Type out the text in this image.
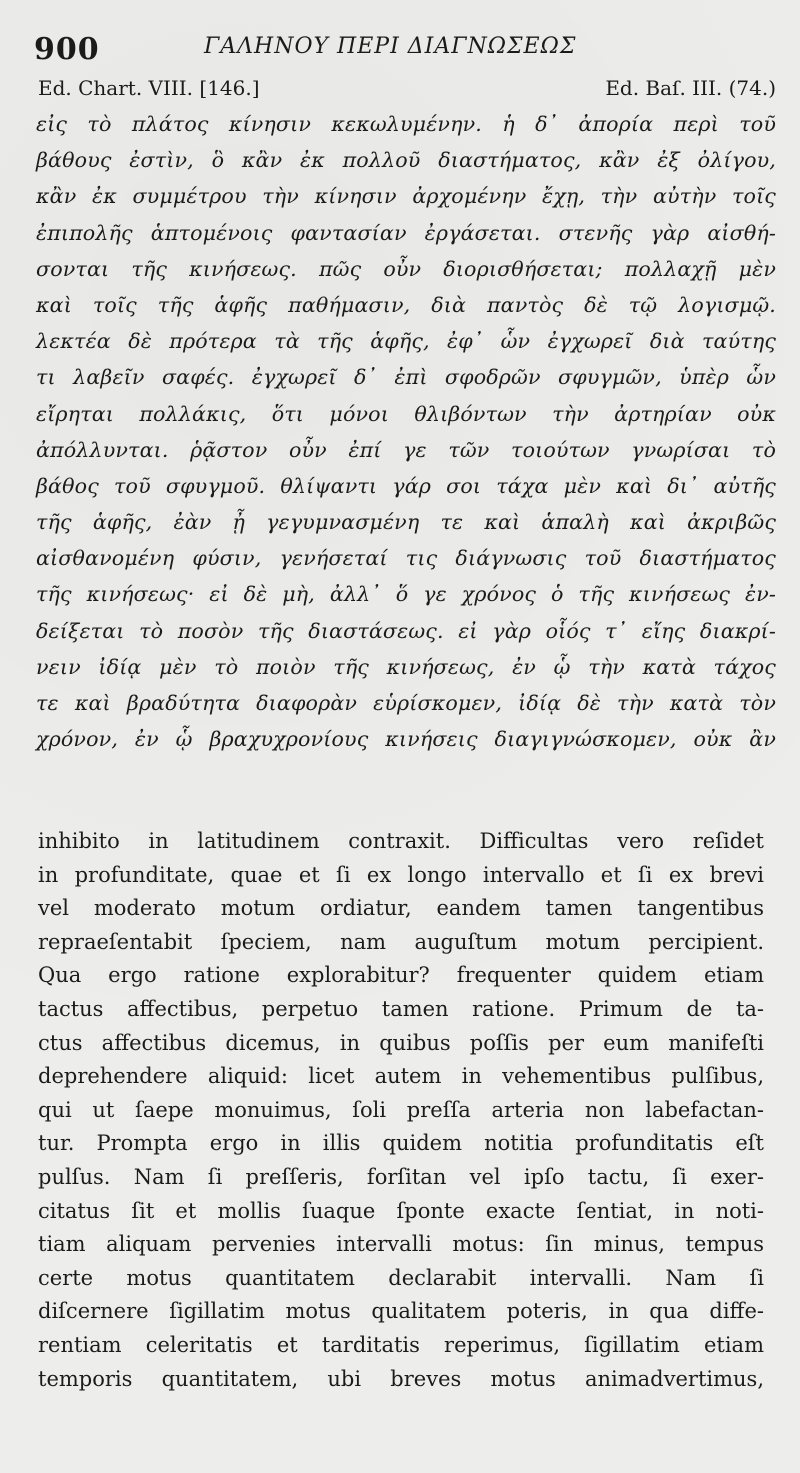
900	ΓΑΛΗΝΟΥ ΠΕΡΙ ΔΙΑΓΝΩΣΕΩΣ
Ed. Chart. VIII. [146.]	Ed. Baſ. III. (74.)
εἰς τὸ πλάτος κίνησιν κεκωλυμένην. ἡ δ᾽ ἀπορία περὶ τοῦ
βάθους ἐστὶν, ὃ κἂν ἐκ πολλοῦ διαστήματος, κἂν ἐξ ὀλίγου,
κἂν ἐκ συμμέτρου τὴν κίνησιν ἀρχομένην ἔχῃ, τὴν αὐτὴν τοῖς
ἐπιπολῆς ἁπτομένοις φαντασίαν ἐργάσεται. στενῆς γὰρ αἰσθή-
σονται τῆς κινήσεως. πῶς οὖν διορισθήσεται; πολλαχῇ μὲν
καὶ τοῖς τῆς ἁφῆς παθήμασιν, διὰ παντὸς δὲ τῷ λογισμῷ.
λεκτέα δὲ πρότερα τὰ τῆς ἁφῆς, ἐφ᾽ ὧν ἐγχωρεῖ διὰ ταύτης
τι λαβεῖν σαφές. ἐγχωρεῖ δ᾽ ἐπὶ σφοδρῶν σφυγμῶν, ὑπὲρ ὧν
εἴρηται πολλάκις, ὅτι μόνοι θλιβόντων τὴν ἀρτηρίαν οὐκ
ἀπόλλυνται. ῥᾷστον οὖν ἐπί γε τῶν τοιούτων γνωρίσαι τὸ
βάθος τοῦ σφυγμοῦ. θλίψαντι γάρ σοι τάχα μὲν καὶ δι᾽ αὐτῆς
τῆς ἁφῆς, ἐὰν ᾖ γεγυμνασμένη τε καὶ ἁπαλὴ καὶ ἀκριβῶς
αἰσθανομένη φύσιν, γενήσεταί τις διάγνωσις τοῦ διαστήματος
τῆς κινήσεως· εἰ δὲ μὴ, ἀλλ᾽ ὅ γε χρόνος ὁ τῆς κινήσεως ἐν-
δείξεται τὸ ποσὸν τῆς διαστάσεως. εἰ γὰρ οἷός τ᾽ εἴης διακρί-
νειν ἰδίᾳ μὲν τὸ ποιὸν τῆς κινήσεως, ἐν ᾧ τὴν κατὰ τάχος
τε καὶ βραδύτητα διαφορὰν εὑρίσκομεν, ἰδίᾳ δὲ τὴν κατὰ τὸν
χρόνον, ἐν ᾧ βραχυχρονίους κινήσεις διαγιγνώσκομεν, οὐκ ἂν
inhibito in latitudinem contraxit. Difficultas vero reſidet
in profunditate, quae et ſi ex longo intervallo et ſi ex brevi
vel moderato motum ordiatur, eandem tamen tangentibus
repraeſentabit ſpeciem, nam auguſtum motum percipient.
Qua ergo ratione explorabitur? frequenter quidem etiam
tactus affectibus, perpetuo tamen ratione. Primum de ta-
ctus affectibus dicemus, in quibus poſſis per eum manifeſti
deprehendere aliquid: licet autem in vehementibus pulſibus,
qui ut ſaepe monuimus, ſoli preſſa arteria non labefactan-
tur. Prompta ergo in illis quidem notitia profunditatis eſt
pulſus. Nam ſi preſſeris, forſitan vel ipſo tactu, ſi exer-
citatus ſit et mollis ſuaque ſponte exacte ſentiat, in noti-
tiam aliquam pervenies intervalli motus: ſin minus, tempus
certe motus quantitatem declarabit intervalli. Nam ſi
diſcernere ſigillatim motus qualitatem poteris, in qua diffe-
rentiam celeritatis et tarditatis reperimus, ſigillatim etiam
temporis quantitatem, ubi breves motus animadvertimus,
